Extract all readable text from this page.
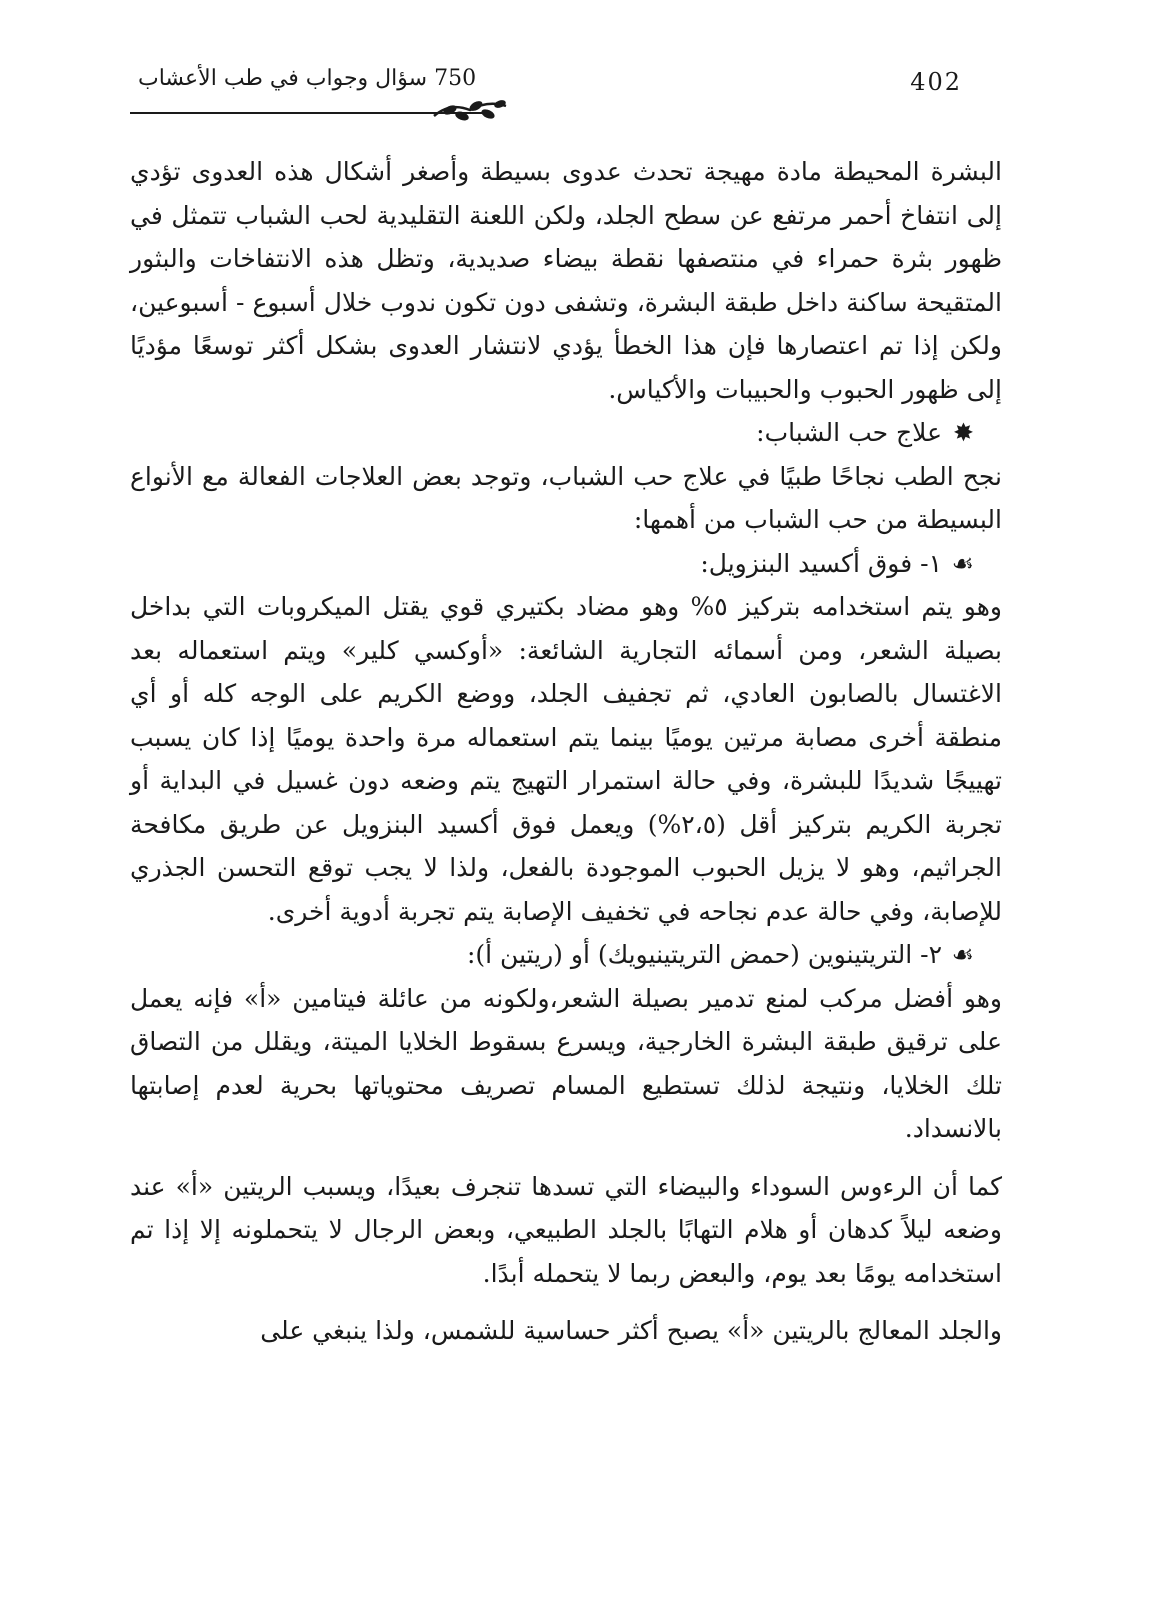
750 سؤال وجواب في طب الأعشاب	402

البشرة المحيطة مادة مهيجة تحدث عدوى بسيطة وأصغر أشكال هذه العدوى تؤدي إلى انتفاخ أحمر مرتفع عن سطح الجلد، ولكن اللعنة التقليدية لحب الشباب تتمثل في ظهور بثرة حمراء في منتصفها نقطة بيضاء صديدية، وتظل هذه الانتفاخات والبثور المتقيحة ساكنة داخل طبقة البشرة، وتشفى دون تكون ندوب خلال أسبوع - أسبوعين، ولكن إذا تم اعتصارها فإن هذا الخطأ يؤدي لانتشار العدوى بشكل أكثر توسعًا مؤديًا إلى ظهور الحبوب والحبيبات والأكياس.

✸علاج حب الشباب:

نجح الطب نجاحًا طبيًا في علاج حب الشباب، وتوجد بعض العلاجات الفعالة مع الأنواع البسيطة من حب الشباب من أهمها:

☙١- فوق أكسيد البنزويل:

وهو يتم استخدامه بتركيز ٥% وهو مضاد بكتيري قوي يقتل الميكروبات التي بداخل بصيلة الشعر، ومن أسمائه التجارية الشائعة: «أوكسي كلير» ويتم استعماله بعد الاغتسال بالصابون العادي، ثم تجفيف الجلد، ووضع الكريم على الوجه كله أو أي منطقة أخرى مصابة مرتين يوميًا بينما يتم استعماله مرة واحدة يوميًا إذا كان يسبب تهييجًا شديدًا للبشرة، وفي حالة استمرار التهيج يتم وضعه دون غسيل في البداية أو تجربة الكريم بتركيز أقل (٢،٥%) ويعمل فوق أكسيد البنزويل عن طريق مكافحة الجراثيم، وهو لا يزيل الحبوب الموجودة بالفعل، ولذا لا يجب توقع التحسن الجذري للإصابة، وفي حالة عدم نجاحه في تخفيف الإصابة يتم تجربة أدوية أخرى.

☙٢- التريتينوين (حمض التريتينيويك) أو (ريتين أ):

وهو أفضل مركب لمنع تدمير بصيلة الشعر،ولكونه من عائلة فيتامين «أ» فإنه يعمل على ترقيق طبقة البشرة الخارجية، ويسرع بسقوط الخلايا الميتة، ويقلل من التصاق تلك الخلايا، ونتيجة لذلك تستطيع المسام تصريف محتوياتها بحرية لعدم إصابتها بالانسداد.

كما أن الرءوس السوداء والبيضاء التي تسدها تنجرف بعيدًا، ويسبب الريتين «أ» عند وضعه ليلاً كدهان أو هلام التهابًا بالجلد الطبيعي، وبعض الرجال لا يتحملونه إلا إذا تم استخدامه يومًا بعد يوم، والبعض ربما لا يتحمله أبدًا.

والجلد المعالج بالريتين «أ» يصبح أكثر حساسية للشمس، ولذا ينبغي على
